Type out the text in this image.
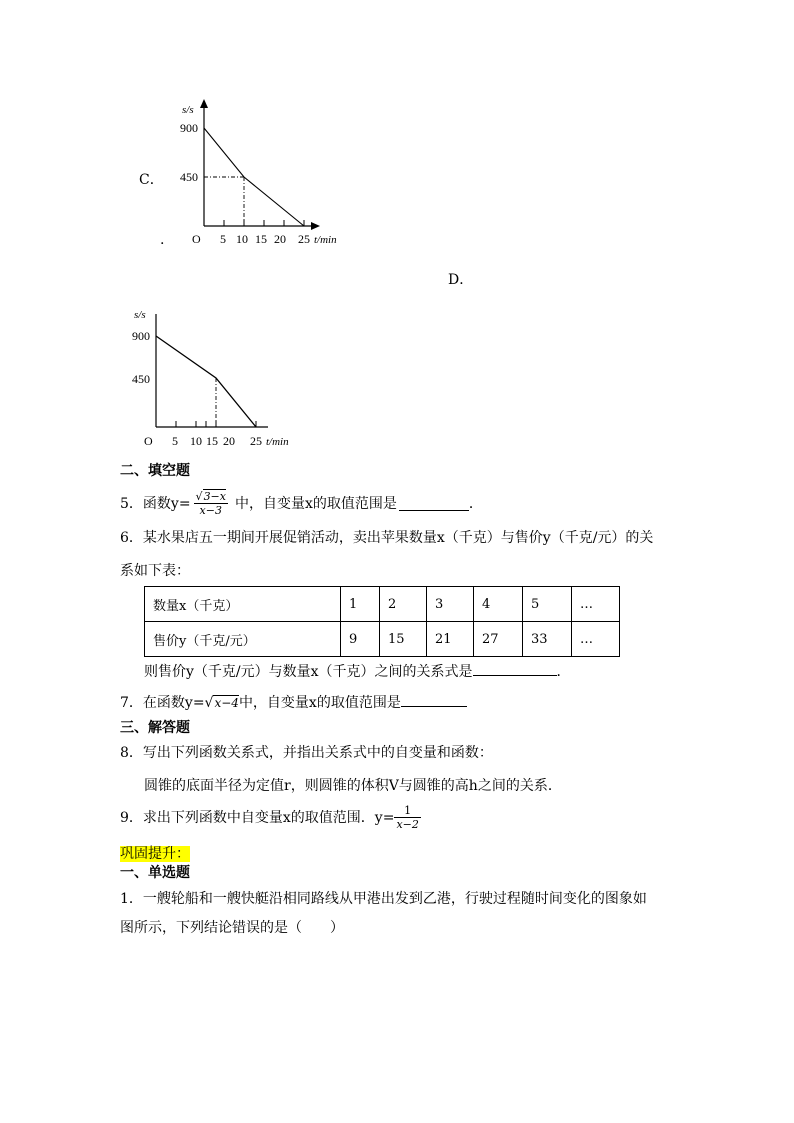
C．
.
s/s
900
450
O 5 10 15 20 25 t/min
D．
s/s
900
450
O 5 10 15 20 25 t/min
二、填空题
5．函数$y= \frac{√3-x}{x-3}$ 中，自变量x的取值范围是	．
6．某水果店五一期间开展促销活动，卖出苹果数量x（千克）与售价y（千克/元）的关
系如下表：
数量x（千克）	1	2	3	4	5	…
售价y（千克/元）	9	15	21	27	33	…
则售价y（千克/元）与数量x（千克）之间的关系式是	．
7．在函数y=√x−4中，自变量x的取值范围是
三、解答题
8．写出下列函数关系式，并指出关系式中的自变量和函数：
圆锥的底面半径为定值r，则圆锥的体积V与圆锥的高h之间的关系．
9．求出下列函数中自变量x的取值范围．$y= \frac{1}{x-2}$
巩固提升：
一、单选题
1．一艘轮船和一艘快艇沿相同路线从甲港出发到乙港，行驶过程随时间变化的图象如
图所示，下列结论错误的是（　　）
